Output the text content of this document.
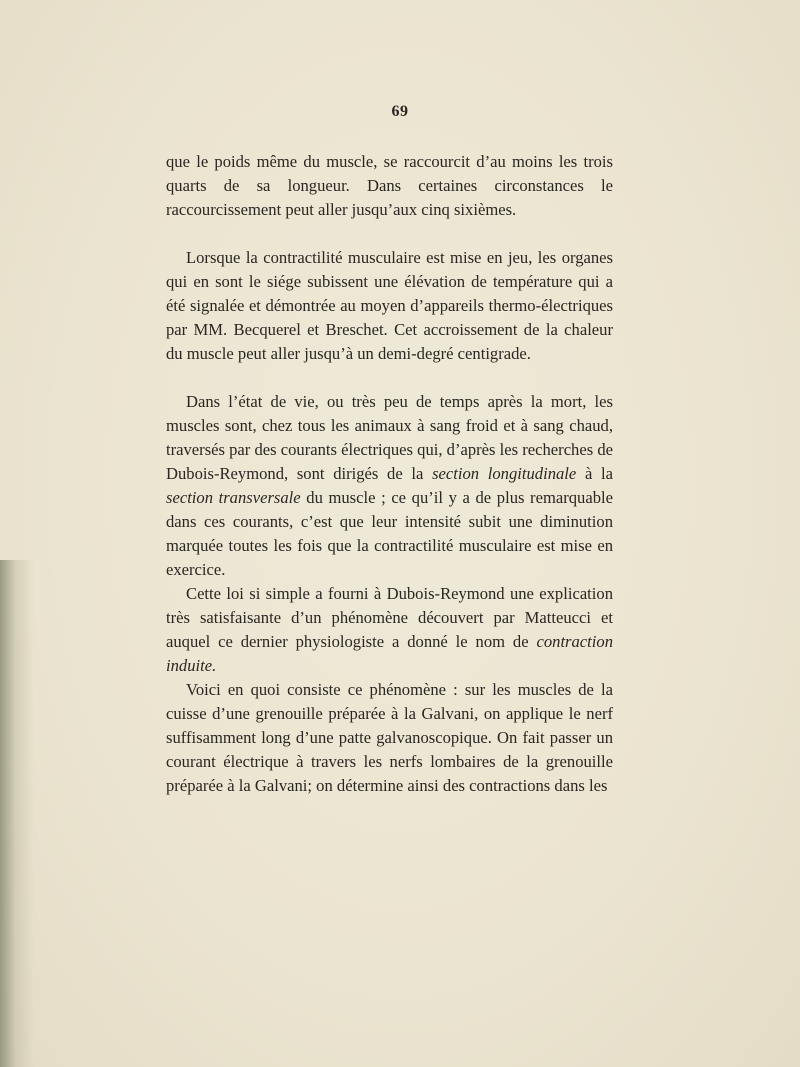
69

que le poids même du muscle, se raccourcit d’au moins les trois quarts de sa longueur. Dans certaines circonstances le raccourcissement peut aller jusqu’aux cinq sixièmes.

Lorsque la contractilité musculaire est mise en jeu, les organes qui en sont le siége subissent une élévation de température qui a été signalée et démontrée au moyen d’appareils thermo-électriques par MM. Becquerel et Breschet. Cet accroissement de la chaleur du muscle peut aller jusqu’à un demi-degré centigrade.

Dans l’état de vie, ou très peu de temps après la mort, les muscles sont, chez tous les animaux à sang froid et à sang chaud, traversés par des courants électriques qui, d’après les recherches de Dubois-Reymond, sont dirigés de la section longitudinale à la section transversale du muscle ; ce qu’il y a de plus remarquable dans ces courants, c’est que leur intensité subit une diminution marquée toutes les fois que la contractilité musculaire est mise en exercice.

Cette loi si simple a fourni à Dubois-Reymond une explication très satisfaisante d’un phénomène découvert par Matteucci et auquel ce dernier physiologiste a donné le nom de contraction induite.

Voici en quoi consiste ce phénomène : sur les muscles de la cuisse d’une grenouille préparée à la Galvani, on applique le nerf suffisamment long d’une patte galvanoscopique. On fait passer un courant électrique à travers les nerfs lombaires de la grenouille préparée à la Galvani; on détermine ainsi des contractions dans les
